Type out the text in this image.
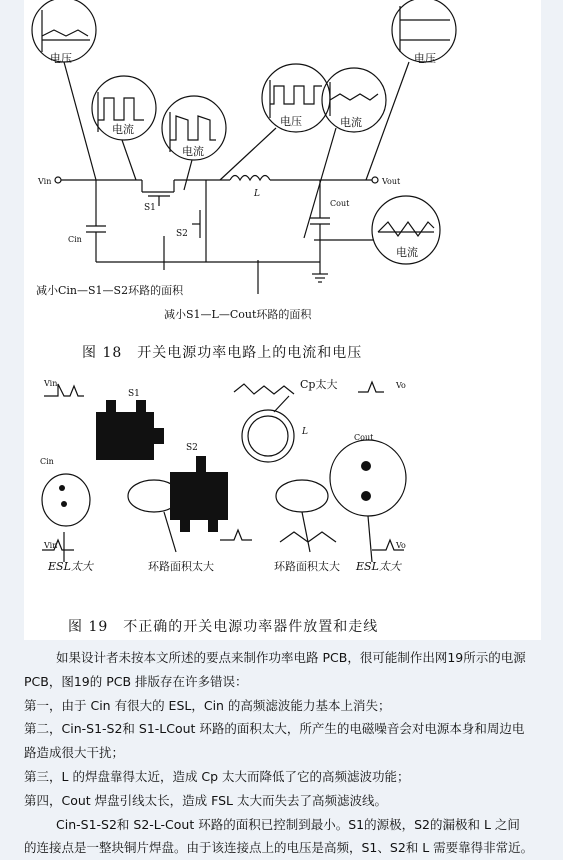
电压
电流
电流
电压	电流
电压
电流
Vin	Vout
Cin
Cout
S1
S2
L
减小Cin—S1—S2环路的面积
减小S1—L—Cout环路的面积
图 18　开关电源功率电路上的电流和电压
Vin	Vo
S1
S2
Cp太大
L
Cin
Cout
Vin	Vo
ESL太大	环路面积太大	环路面积太大 ESL太大
图 19　不正确的开关电源功率器件放置和走线

如果设计者未按本文所述的要点来制作功率电路 PCB，很可能制作出网19所示的电源

PCB，图19的 PCB 排版存在许多错误：

第一，由于 Cin 有很大的 ESL，Cin 的高频滤波能力基本上消失；

第二，Cin-S1-S2和 S1-LCout 环路的面积太大，所产生的电磁噪音会对电源本身和周边电

路造成很大干扰；

第三，L 的焊盘靠得太近，造成 Cp 太大而降低了它的高频滤波功能；

第四，Cout 焊盘引线太长，造成 FSL 太大而失去了高频滤波线。

Cin-S1-S2和 S2-L-Cout 环路的面积已控制到最小。S1的源极，S2的漏极和 L 之间

的连接点是一整块铜片焊盘。由于该连接点上的电压是高频，S1、S2和 L 需要靠得非常近。
